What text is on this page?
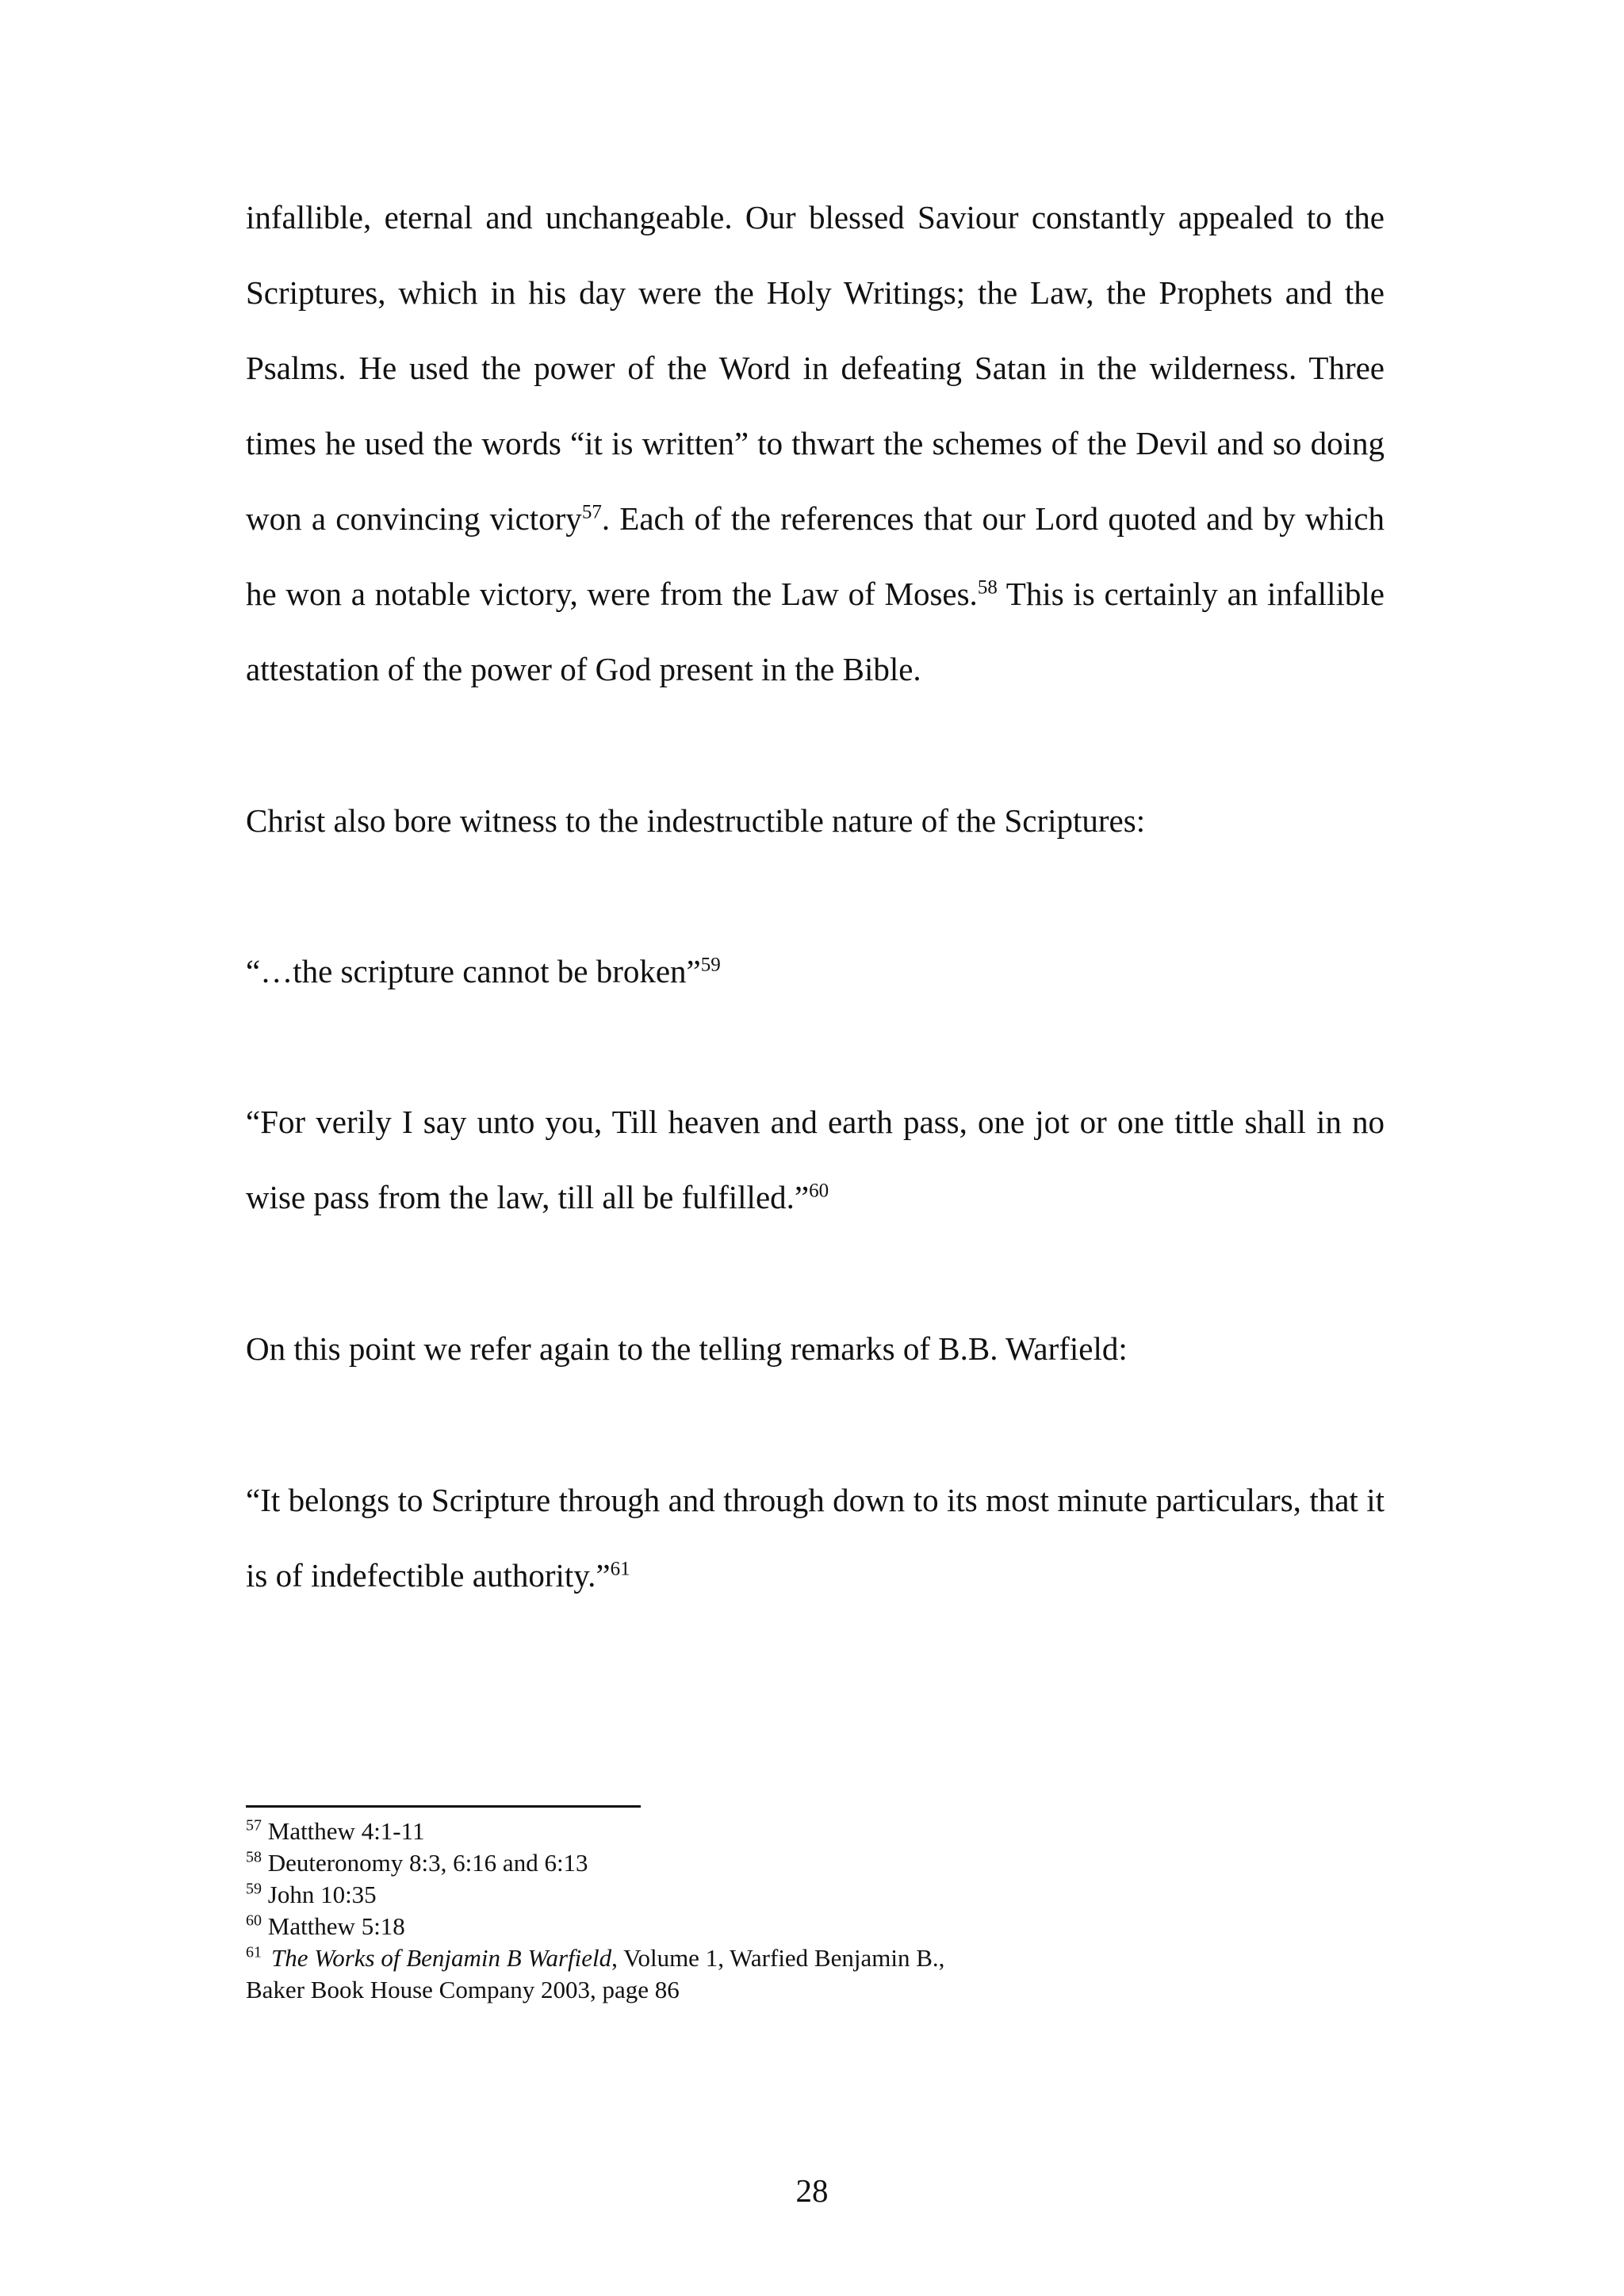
infallible, eternal and unchangeable. Our blessed Saviour constantly appealed to the Scriptures, which in his day were the Holy Writings; the Law, the Prophets and the Psalms. He used the power of the Word in defeating Satan in the wilderness. Three times he used the words “it is written” to thwart the schemes of the Devil and so doing won a convincing victory$^{57}$. Each of the references that our Lord quoted and by which he won a notable victory, were from the Law of Moses.$^{58}$ This is certainly an infallible attestation of the power of God present in the Bible.

Christ also bore witness to the indestructible nature of the Scriptures:

“…the scripture cannot be broken”$^{59}$

“For verily I say unto you, Till heaven and earth pass, one jot or one tittle shall in no wise pass from the law, till all be fulfilled.”$^{60}$

On this point we refer again to the telling remarks of B.B. Warfield:

“It belongs to Scripture through and through down to its most minute particulars, that it is of indefectible authority.”$^{61}$

$^{57}$ Matthew 4:1-11

$^{58}$ Deuteronomy 8:3, 6:16 and 6:13

$^{59}$ John 10:35

$^{60}$ Matthew 5:18

$^{61}$ The Works of Benjamin B Warfield, Volume 1, Warfied Benjamin B.,

Baker Book House Company 2003, page 86

28
